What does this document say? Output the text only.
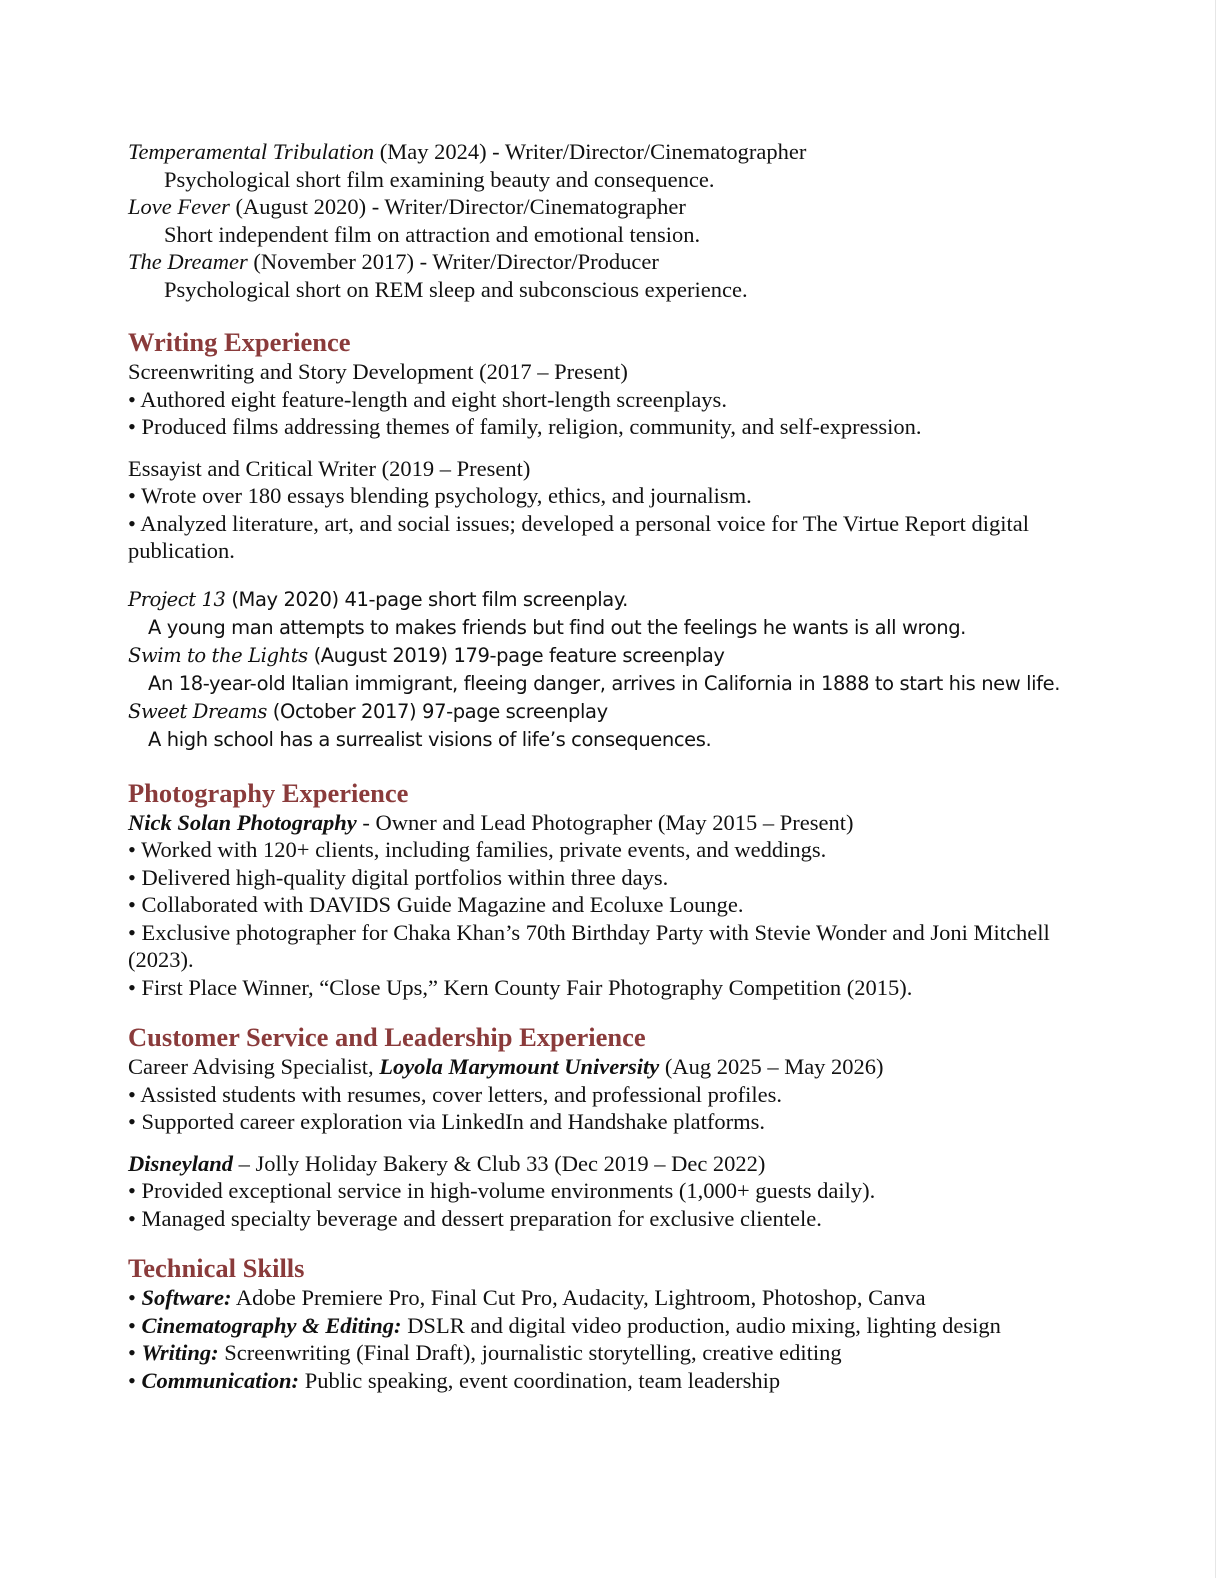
Temperamental Tribulation (May 2024) - Writer/Director/Cinematographer
Psychological short film examining beauty and consequence.
Love Fever (August 2020) - Writer/Director/Cinematographer
Short independent film on attraction and emotional tension.
The Dreamer (November 2017) - Writer/Director/Producer
Psychological short on REM sleep and subconscious experience.
Writing Experience
Screenwriting and Story Development (2017 – Present)
• Authored eight feature-length and eight short-length screenplays.
• Produced films addressing themes of family, religion, community, and self-expression.
Essayist and Critical Writer (2019 – Present)
• Wrote over 180 essays blending psychology, ethics, and journalism.
• Analyzed literature, art, and social issues; developed a personal voice for The Virtue Report digital publication.
Project 13 (May 2020) 41-page short film screenplay.
A young man attempts to makes friends but find out the feelings he wants is all wrong.
Swim to the Lights (August 2019) 179-page feature screenplay
An 18-year-old Italian immigrant, fleeing danger, arrives in California in 1888 to start his new life.
Sweet Dreams (October 2017) 97-page screenplay
A high school has a surrealist visions of life’s consequences.
Photography Experience
Nick Solan Photography - Owner and Lead Photographer (May 2015 – Present)
• Worked with 120+ clients, including families, private events, and weddings.
• Delivered high-quality digital portfolios within three days.
• Collaborated with DAVIDS Guide Magazine and Ecoluxe Lounge.
• Exclusive photographer for Chaka Khan’s 70th Birthday Party with Stevie Wonder and Joni Mitchell (2023).
• First Place Winner, “Close Ups,” Kern County Fair Photography Competition (2015).
Customer Service and Leadership Experience
Career Advising Specialist, Loyola Marymount University (Aug 2025 – May 2026)
• Assisted students with resumes, cover letters, and professional profiles.
• Supported career exploration via LinkedIn and Handshake platforms.
Disneyland – Jolly Holiday Bakery & Club 33 (Dec 2019 – Dec 2022)
• Provided exceptional service in high-volume environments (1,000+ guests daily).
• Managed specialty beverage and dessert preparation for exclusive clientele.
Technical Skills
• Software: Adobe Premiere Pro, Final Cut Pro, Audacity, Lightroom, Photoshop, Canva
• Cinematography & Editing: DSLR and digital video production, audio mixing, lighting design
• Writing: Screenwriting (Final Draft), journalistic storytelling, creative editing
• Communication: Public speaking, event coordination, team leadership
